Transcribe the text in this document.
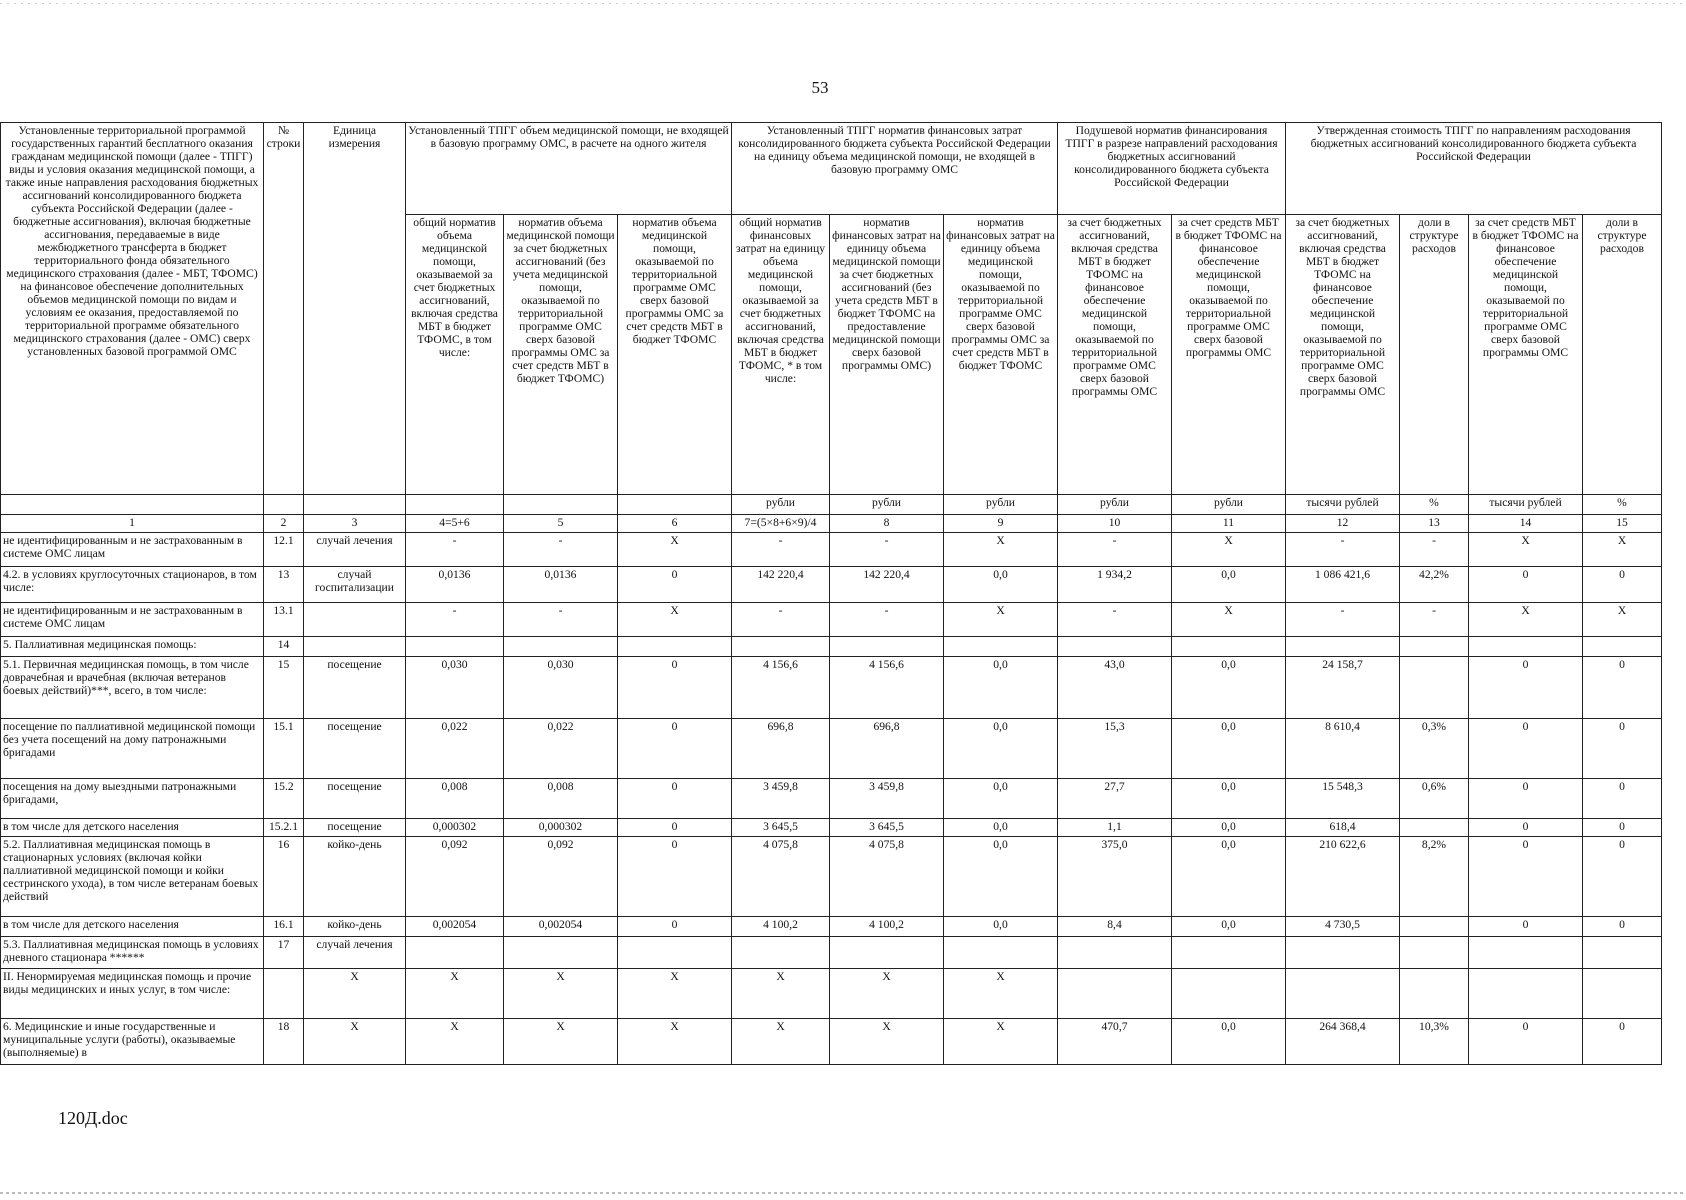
53
Установленные территориальной программой государственных гарантий бесплатного оказания гражданам медицинской помощи (далее - ТПГГ) виды и условия оказания медицинской помощи, а также иные направления расходования бюджетных ассигнований консолидированного бюджета субъекта Российской Федерации (далее - бюджетные ассигнования), включая бюджетные ассигнования, передаваемые в виде межбюджетного трансферта в бюджет территориального фонда обязательного медицинского страхования (далее - МБТ, ТФОМС) на финансовое обеспечение дополнительных объемов медицинской помощи по видам и условиям ее оказания, предоставляемой по территориальной программе обязательного медицинского страхования (далее - ОМС) сверх установленных базовой программой ОМС	№ строки	Единица измерения	Установленный ТПГГ объем медицинской помощи, не входящей в базовую программу ОМС, в расчете на одного жителя			Установленный ТПГГ норматив финансовых затрат консолидированного бюджета субъекта Российской Федерации на единицу объема медицинской помощи, не входящей в базовую программу ОМС			Подушевой норматив финансирования ТПГГ в разрезе направлений расходования бюджетных ассигнований консолидированного бюджета субъекта Российской Федерации		Утвержденная стоимость ТПГГ по направлениям расходования бюджетных ассигнований консолидированного бюджета субъекта Российской Федерации			
			общий норматив объема медицинской помощи, оказываемой за счет бюджетных ассигнований, включая средства МБТ в бюджет ТФОМС, в том числе:	норматив объема медицинской помощи за счет бюджетных ассигнований (без учета медицинской помощи, оказываемой по территориальной программе ОМС сверх базовой программы ОМС за счет средств МБТ в бюджет ТФОМС)	норматив объема медицинской помощи, оказываемой по территориальной программе ОМС сверх базовой программы ОМС за счет средств МБТ в бюджет ТФОМС	общий норматив финансовых затрат на единицу объема медицинской помощи, оказываемой за счет бюджетных ассигнований, включая средства МБТ в бюджет ТФОМС, * в том числе:	норматив финансовых затрат на единицу объема медицинской помощи за счет бюджетных ассигнований (без учета средств МБТ в бюджет ТФОМС на предоставление медицинской помощи сверх базовой программы ОМС)	норматив финансовых затрат на единицу объема медицинской помощи, оказываемой по территориальной программе ОМС сверх базовой программы ОМС за счет средств МБТ в бюджет ТФОМС	за счет бюджетных ассигнований, включая средства МБТ в бюджет ТФОМС на финансовое обеспечение медицинской помощи, оказываемой по территориальной программе ОМС сверх базовой программы ОМС	за счет средств МБТ в бюджет ТФОМС на финансовое обеспечение медицинской помощи, оказываемой по территориальной программе ОМС сверх базовой программы ОМС	за счет бюджетных ассигнований, включая средства МБТ в бюджет ТФОМС на финансовое обеспечение медицинской помощи, оказываемой по территориальной программе ОМС сверх базовой программы ОМС	доли в структуре расходов	за счет средств МБТ в бюджет ТФОМС на финансовое обеспечение медицинской помощи, оказываемой по территориальной программе ОМС сверх базовой программы ОМС	доли в структуре расходов
						рубли	рубли	рубли	рубли	рубли	тысячи рублей	%	тысячи рублей	%
1	2	3	4=5+6	5	6	7=(5×8+6×9)/4	8	9	10	11	12	13	14	15
не идентифицированным и не застрахованным в системе ОМС лицам	12.1	случай лечения	-	-	X	-	-	X	-	X	-	-	X	X
4.2. в условиях круглосуточных стационаров, в том числе:	13	случай госпитализации	0,0136	0,0136	0	142 220,4	142 220,4	0,0	1 934,2	0,0	1 086 421,6	42,2%	0	0
не идентифицированным и не застрахованным в системе ОМС лицам	13.1		-	-	X	-	-	X	-	X	-	-	X	X
5. Паллиативная медицинская помощь:	14													
5.1. Первичная медицинская помощь, в том числе доврачебная и врачебная (включая ветеранов боевых действий)***, всего, в том числе:	15	посещение	0,030	0,030	0	4 156,6	4 156,6	0,0	43,0	0,0	24 158,7		0	0
посещение по паллиативной медицинской помощи без учета посещений на дому патронажными бригадами	15.1	посещение	0,022	0,022	0	696,8	696,8	0,0	15,3	0,0	8 610,4	0,3%	0	0
посещения на дому выездными патронажными бригадами,	15.2	посещение	0,008	0,008	0	3 459,8	3 459,8	0,0	27,7	0,0	15 548,3	0,6%	0	0
в том числе для детского населения	15.2.1	посещение	0,000302	0,000302	0	3 645,5	3 645,5	0,0	1,1	0,0	618,4		0	0
5.2. Паллиативная медицинская помощь в стационарных условиях (включая койки паллиативной медицинской помощи и койки сестринского ухода), в том числе ветеранам боевых действий	16	койко-день	0,092	0,092	0	4 075,8	4 075,8	0,0	375,0	0,0	210 622,6	8,2%	0	0
в том числе для детского населения	16.1	койко-день	0,002054	0,002054	0	4 100,2	4 100,2	0,0	8,4	0,0	4 730,5		0	0
5.3. Паллиативная медицинская помощь в условиях дневного стационара ******	17	случай лечения												
II. Ненормируемая медицинская помощь и прочие виды медицинских и иных услуг, в том числе:		X	X	X	X	X	X	X						
6. Медицинские и иные государственные и муниципальные услуги (работы), оказываемые (выполняемые) в	18	X	X	X	X	X	X	X	470,7	0,0	264 368,4	10,3%	0	0
120Д.doc
